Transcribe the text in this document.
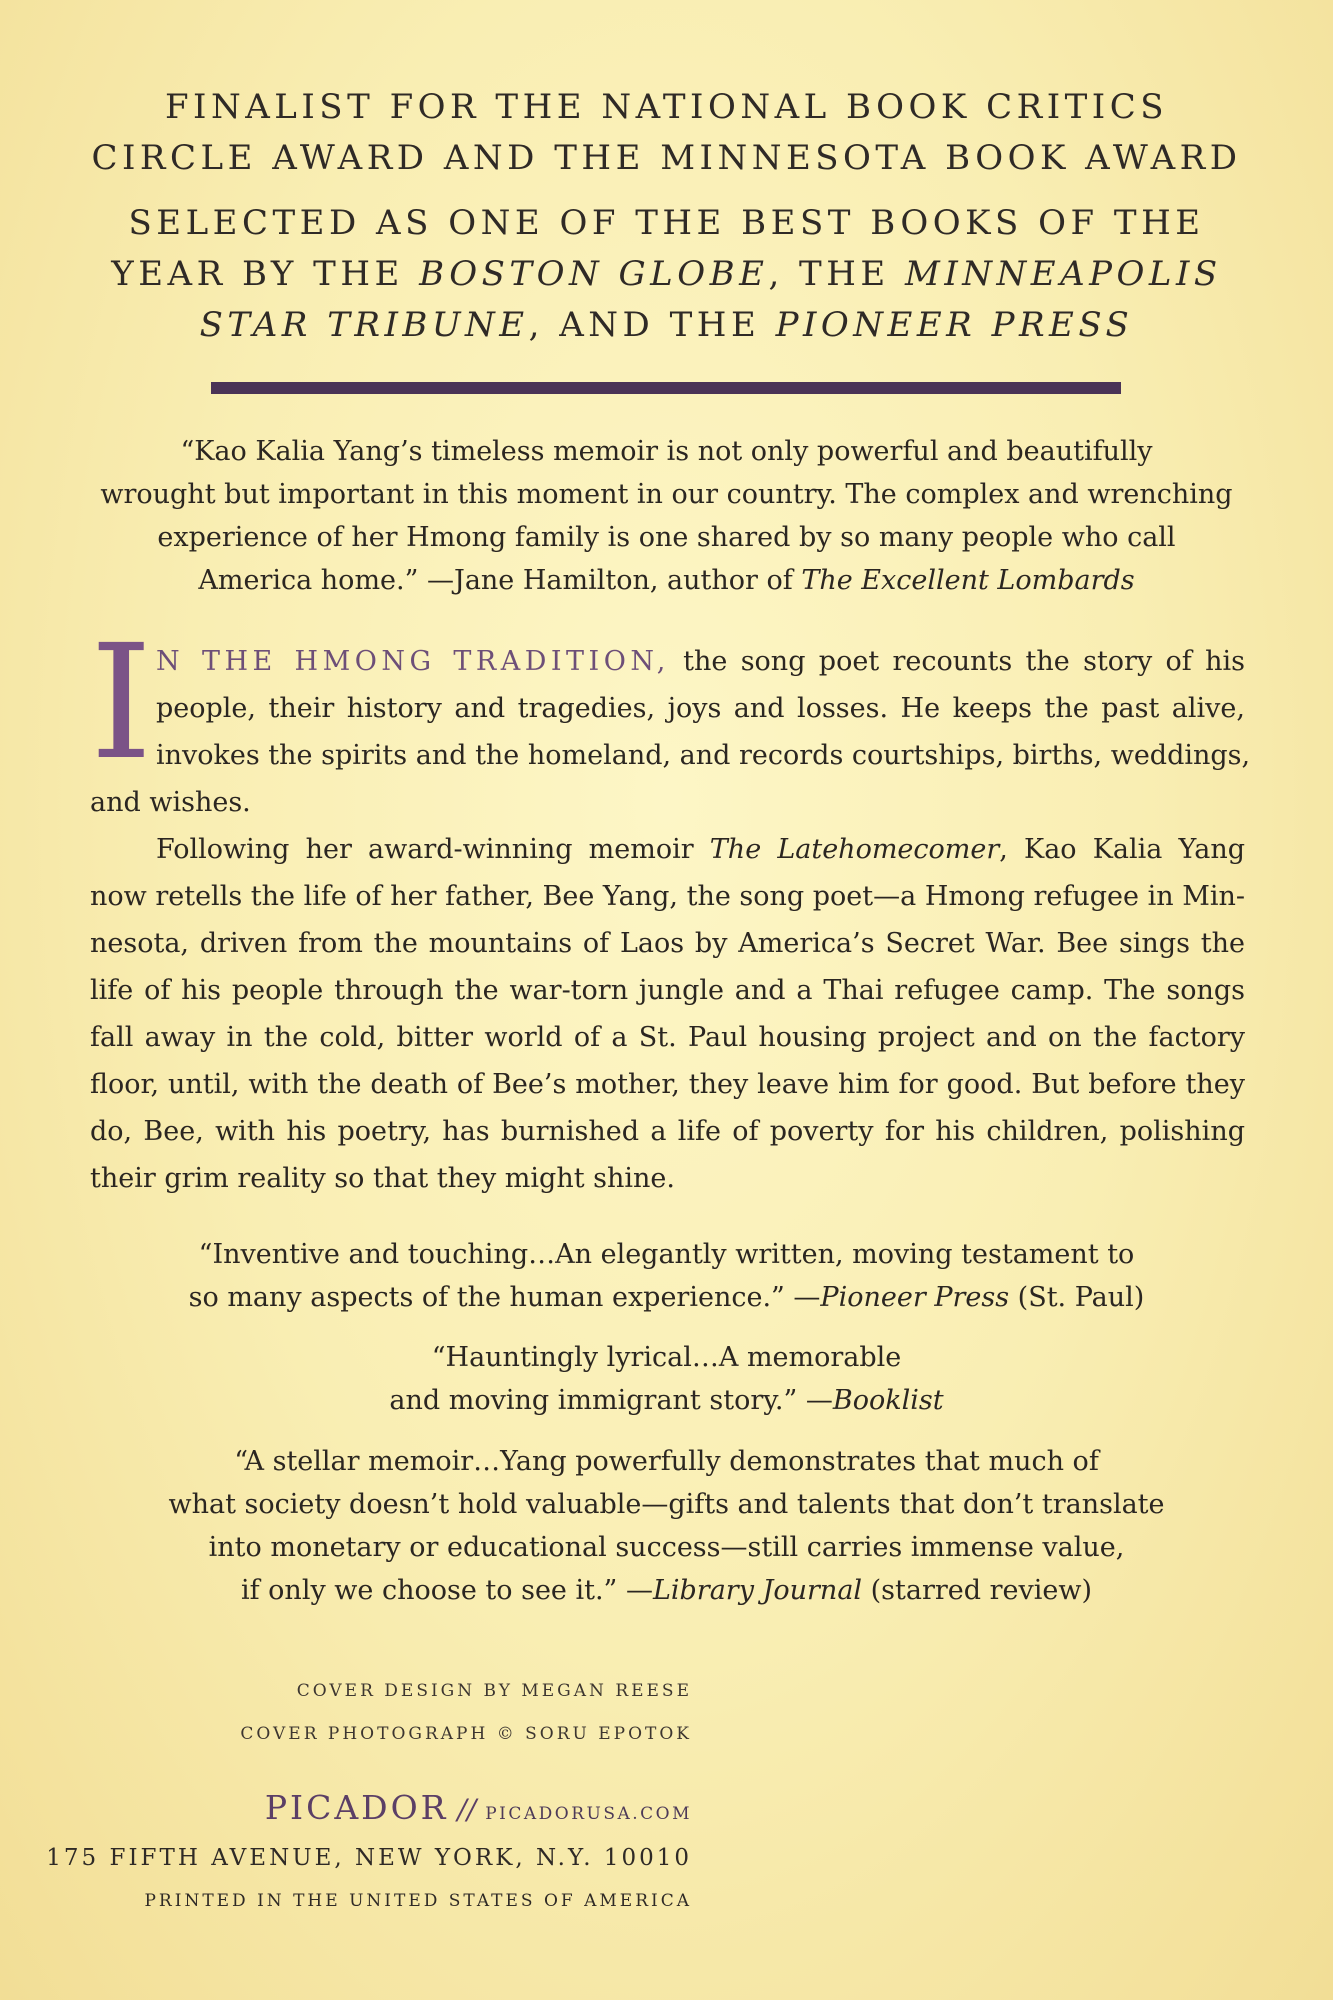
FINALIST FOR THE NATIONAL BOOK CRITICS
CIRCLE AWARD AND THE MINNESOTA BOOK AWARD
SELECTED AS ONE OF THE BEST BOOKS OF THE
YEAR BY THE BOSTON GLOBE, THE MINNEAPOLIS
STAR TRIBUNE, AND THE PIONEER PRESS
“Kao Kalia Yang’s timeless memoir is not only powerful and beautifully
wrought but important in this moment in our country. The complex and wrenching
experience of her Hmong family is one shared by so many people who call
America home.” —Jane Hamilton, author of The Excellent Lombards
I N THE HMONG TRADITION, the song poet recounts the story of his
people, their history and tragedies, joys and losses. He keeps the past alive,
invokes the spirits and the homeland, and records courtships, births, weddings,
and wishes.
Following her award-winning memoir The Latehomecomer, Kao Kalia Yang
now retells the life of her father, Bee Yang, the song poet—a Hmong refugee in Min-
nesota, driven from the mountains of Laos by America’s Secret War. Bee sings the
life of his people through the war-torn jungle and a Thai refugee camp. The songs
fall away in the cold, bitter world of a St. Paul housing project and on the factory
floor, until, with the death of Bee’s mother, they leave him for good. But before they
do, Bee, with his poetry, has burnished a life of poverty for his children, polishing
their grim reality so that they might shine.
“Inventive and touching…An elegantly written, moving testament to
so many aspects of the human experience.” —Pioneer Press (St. Paul)
“Hauntingly lyrical…A memorable
and moving immigrant story.” —Booklist
“A stellar memoir…Yang powerfully demonstrates that much of
what society doesn’t hold valuable—gifts and talents that don’t translate
into monetary or educational success—still carries immense value,
if only we choose to see it.” —Library Journal (starred review)
COVER DESIGN BY MEGAN REESE
COVER PHOTOGRAPH © SORU EPOTOK
PICADOR // PICADORUSA.COM
175 FIFTH AVENUE, NEW YORK, N.Y. 10010
PRINTED IN THE UNITED STATES OF AMERICA
